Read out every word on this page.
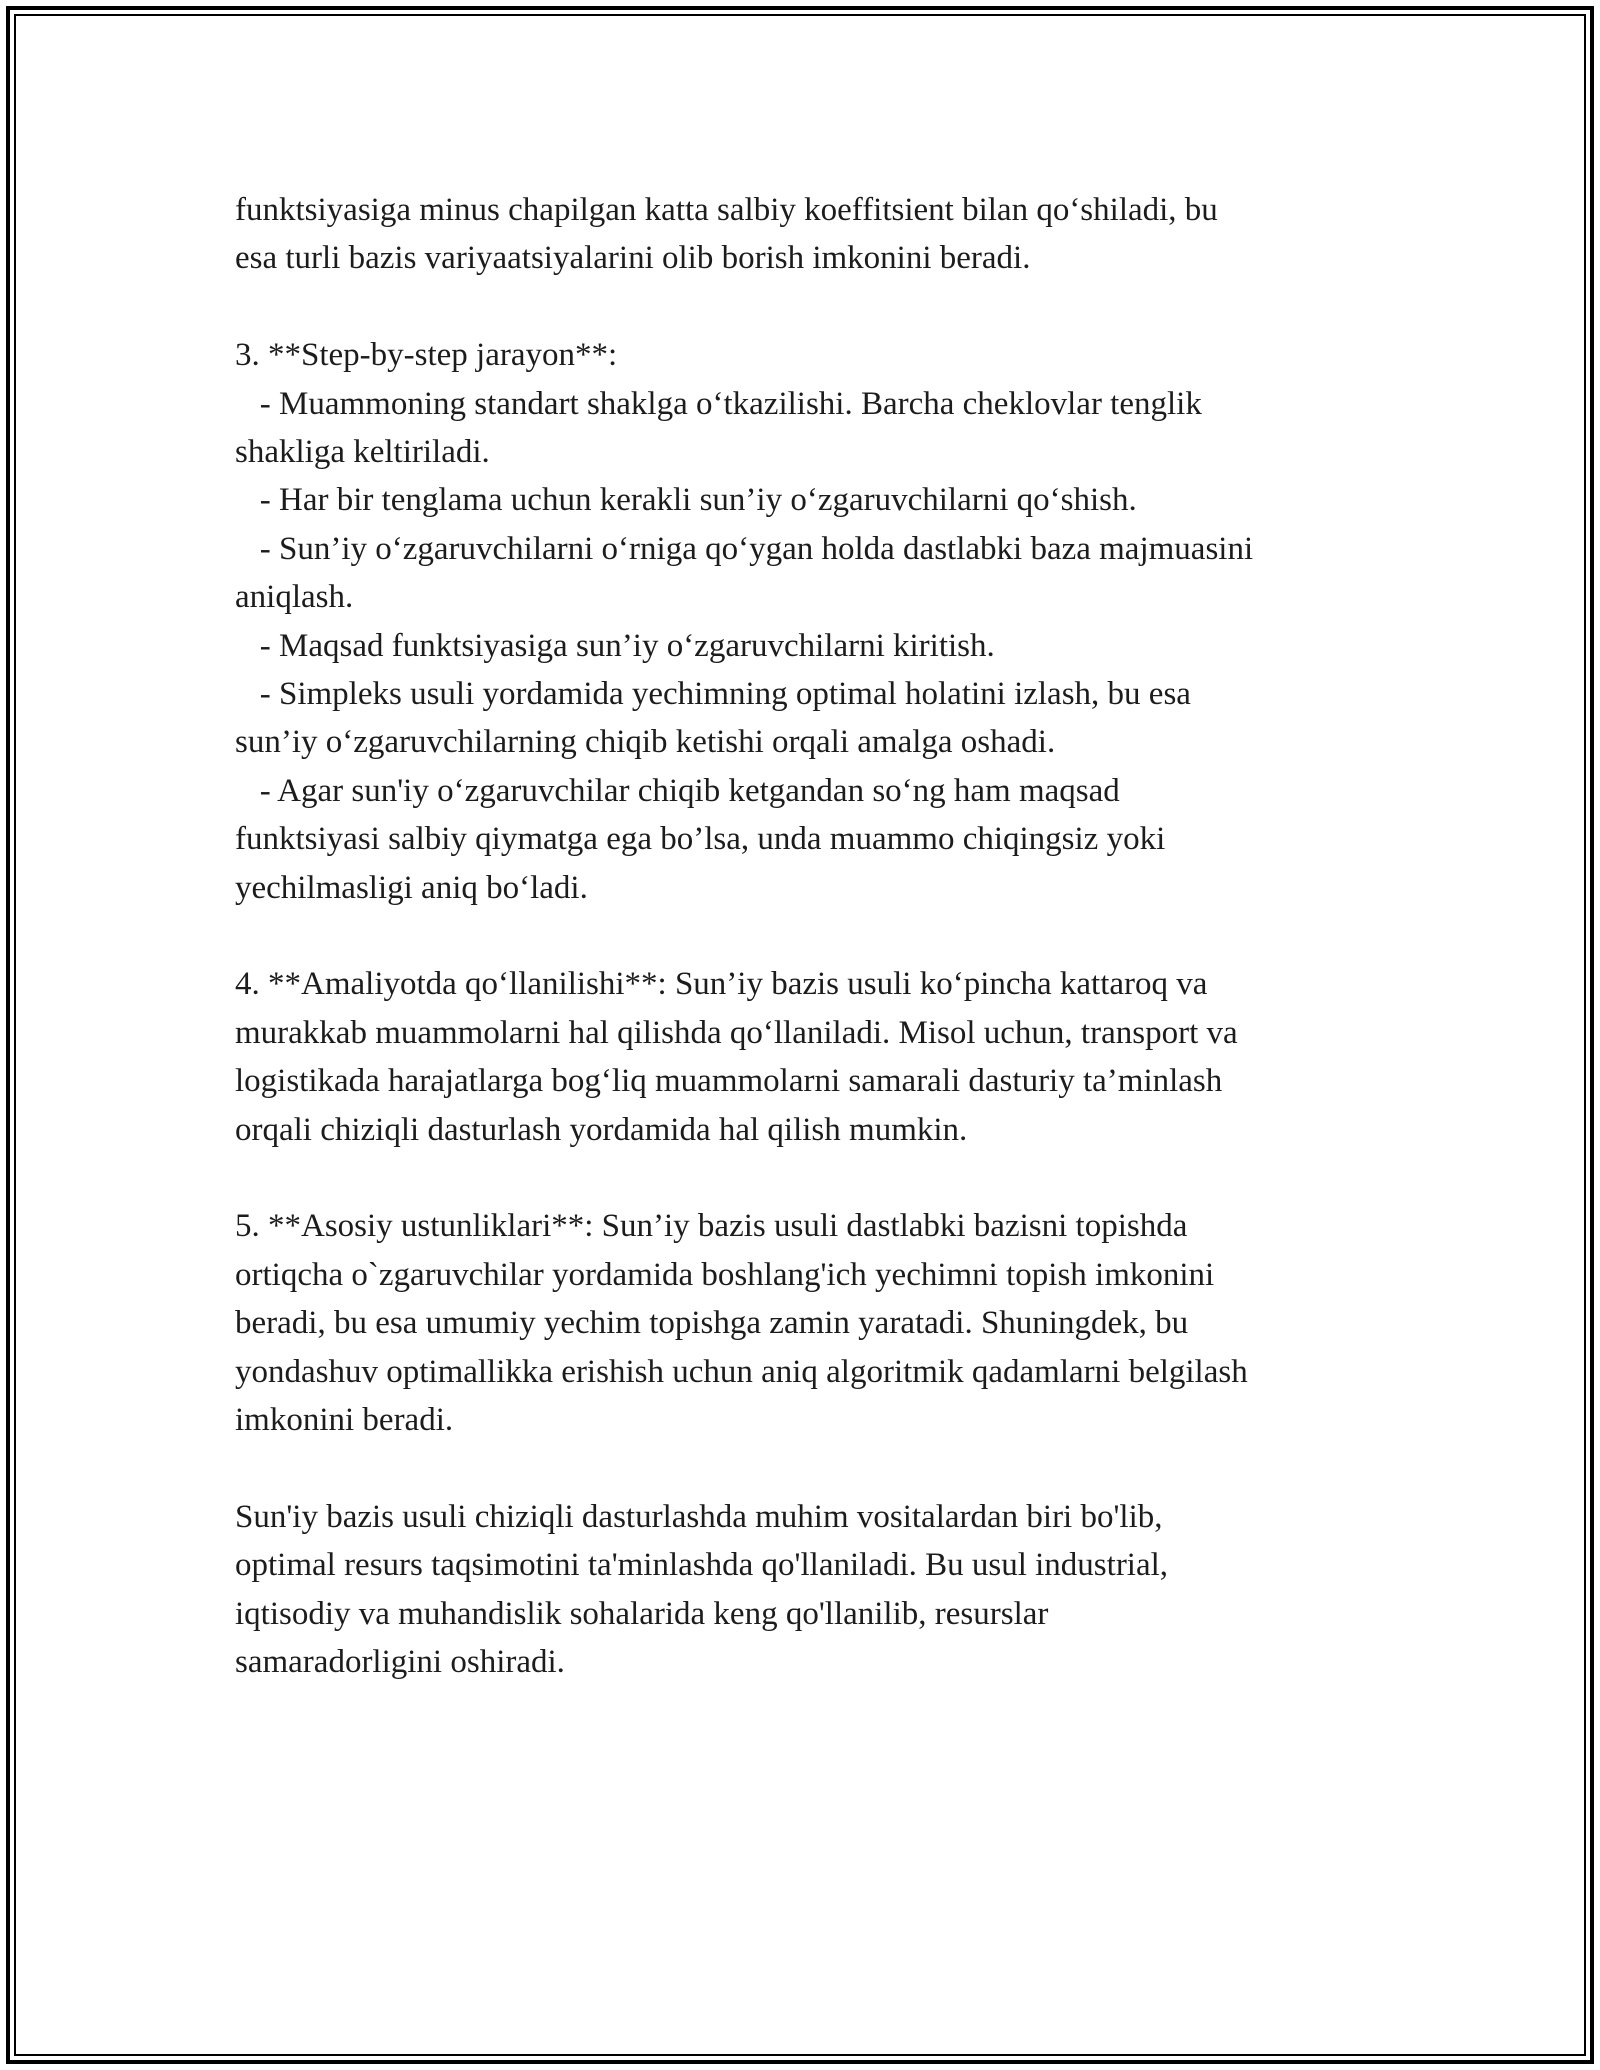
funktsiyasiga minus chapilgan katta salbiy koeffitsient bilan qo‘shiladi, bu
esa turli bazis variyaatsiyalarini olib borish imkonini beradi.
3. **Step-by-step jarayon**:
- Muammoning standart shaklga o‘tkazilishi. Barcha cheklovlar tenglik
shakliga keltiriladi.
- Har bir tenglama uchun kerakli sun’iy o‘zgaruvchilarni qo‘shish.
- Sun’iy o‘zgaruvchilarni o‘rniga qo‘ygan holda dastlabki baza majmuasini
aniqlash.
- Maqsad funktsiyasiga sun’iy o‘zgaruvchilarni kiritish.
- Simpleks usuli yordamida yechimning optimal holatini izlash, bu esa
sun’iy o‘zgaruvchilarning chiqib ketishi orqali amalga oshadi.
- Agar sun'iy o‘zgaruvchilar chiqib ketgandan so‘ng ham maqsad
funktsiyasi salbiy qiymatga ega bo’lsa, unda muammo chiqingsiz yoki
yechilmasligi aniq bo‘ladi.
4. **Amaliyotda qo‘llanilishi**: Sun’iy bazis usuli ko‘pincha kattaroq va
murakkab muammolarni hal qilishda qo‘llaniladi. Misol uchun, transport va
logistikada harajatlarga bog‘liq muammolarni samarali dasturiy ta’minlash
orqali chiziqli dasturlash yordamida hal qilish mumkin.
5. **Asosiy ustunliklari**: Sun’iy bazis usuli dastlabki bazisni topishda
ortiqcha o`zgaruvchilar yordamida boshlang'ich yechimni topish imkonini
beradi, bu esa umumiy yechim topishga zamin yaratadi. Shuningdek, bu
yondashuv optimallikka erishish uchun aniq algoritmik qadamlarni belgilash
imkonini beradi.
Sun'iy bazis usuli chiziqli dasturlashda muhim vositalardan biri bo'lib,
optimal resurs taqsimotini ta'minlashda qo'llaniladi. Bu usul industrial,
iqtisodiy va muhandislik sohalarida keng qo'llanilib, resurslar
samaradorligini oshiradi.
